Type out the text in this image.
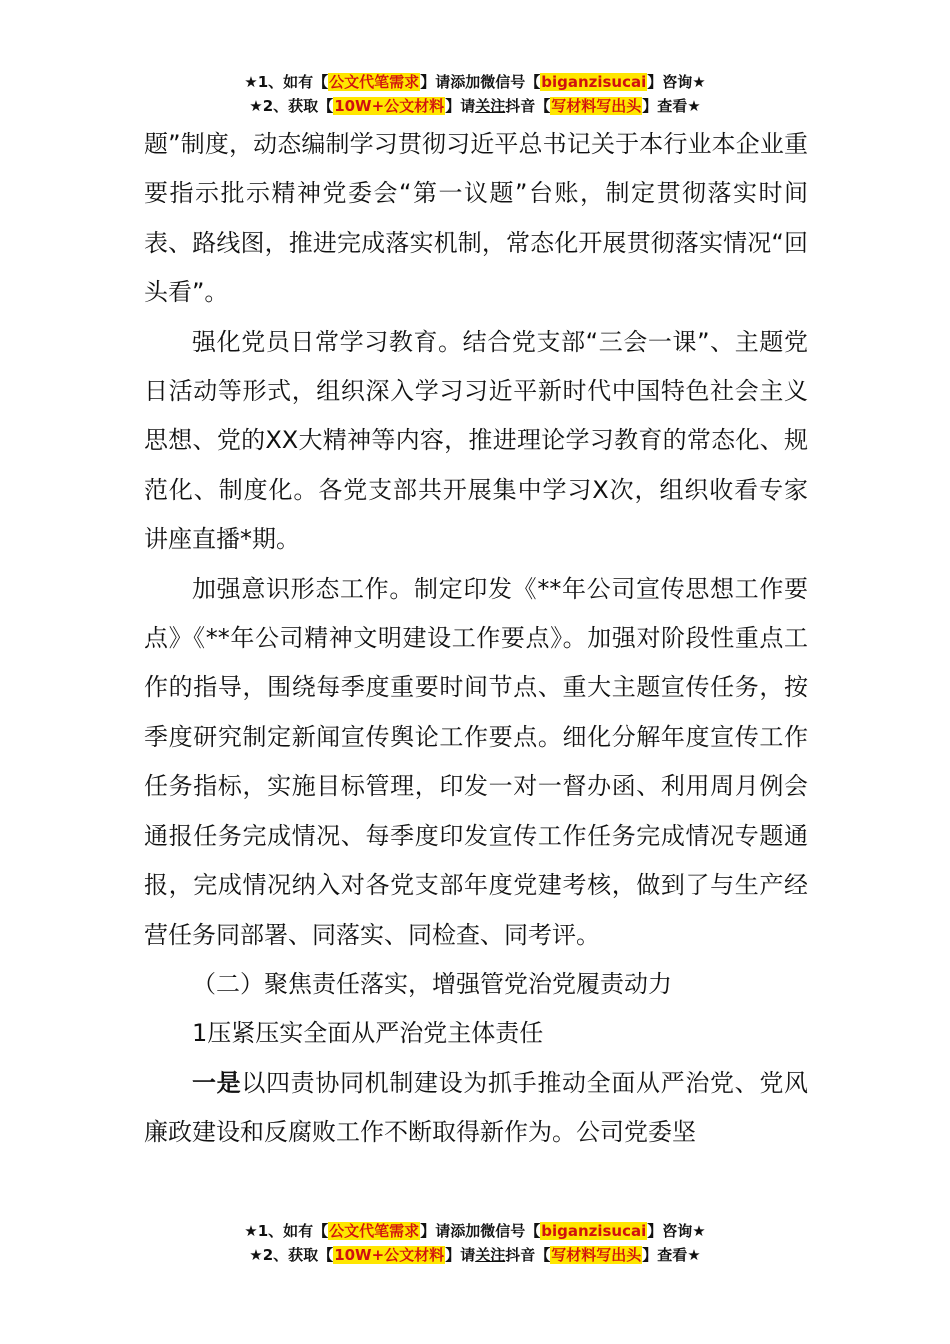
★1、如有【公文代笔需求】请添加微信号【biganzisucai】咨询★
★2、获取【10W+公文材料】请关注抖音【写材料写出头】查看★

题”制度，动态编制学习贯彻习近平总书记关于本行业本企业重要指示批示精神党委会“第一议题”台账，制定贯彻落实时间表、路线图，推进完成落实机制，常态化开展贯彻落实情况“回头看”。

强化党员日常学习教育。结合党支部“三会一课”、主题党日活动等形式，组织深入学习习近平新时代中国特色社会主义思想、党的XX大精神等内容，推进理论学习教育的常态化、规范化、制度化。各党支部共开展集中学习X次，组织收看专家讲座直播*期。

加强意识形态工作。制定印发《**年公司宣传思想工作要点》《**年公司精神文明建设工作要点》。加强对阶段性重点工作的指导，围绕每季度重要时间节点、重大主题宣传任务，按季度研究制定新闻宣传舆论工作要点。细化分解年度宣传工作任务指标，实施目标管理，印发一对一督办函、利用周月例会通报任务完成情况、每季度印发宣传工作任务完成情况专题通报，完成情况纳入对各党支部年度党建考核，做到了与生产经营任务同部署、同落实、同检查、同考评。

（二）聚焦责任落实，增强管党治党履责动力

1压紧压实全面从严治党主体责任

一是以四责协同机制建设为抓手推动全面从严治党、党风廉政建设和反腐败工作不断取得新作为。公司党委坚

★1、如有【公文代笔需求】请添加微信号【biganzisucai】咨询★
★2、获取【10W+公文材料】请关注抖音【写材料写出头】查看★
